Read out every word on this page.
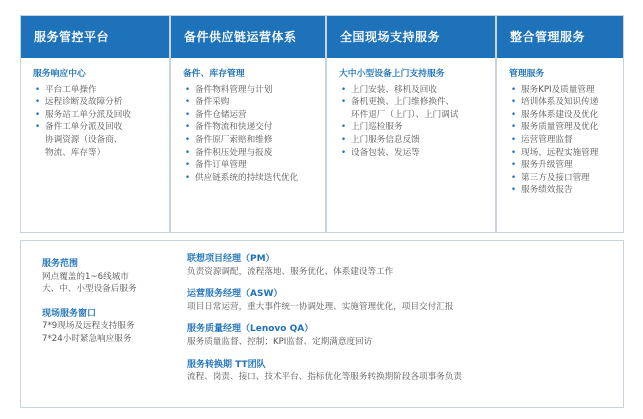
服务管控平台
服务响应中心
• 平台工单操作
• 远程诊断及故障分析
• 服务站工单分派及回收
• 备件工单分派及回收
协调资源（设备商、
物流、库存等）
备件供应链运营体系
备件、库存管理
• 备件物料管理与计划
• 备件采购
• 备件仓储运营
• 备件物流和快递交付
• 备件原厂索赔和维修
• 备件积压处理与报废
• 备件订单管理
• 供应链系统的持续迭代优化
全国现场支持服务
大中小型设备上门支持服务
• 上门安装、移机及回收
• 备机更换、上门维修换件、
环件退厂（上门）、上门调试
• 上门巡检服务
• 上门服务信息反馈
• 设备包装、发运等
整合管理服务
管理服务
• 服务KPI及质量管理
• 培训体系及知识传递
• 服务体系建设及优化
• 服务质量管理及优化
• 运营管理监督
• 现场、远程实施管理
• 服务升级管理
• 第三方及接口管理
• 服务绩效报告
服务范围
网点覆盖的1~6线城市
大、中、小型设备后服务
现场服务窗口
7*9现场及远程支持服务
7*24小时紧急响应服务
联想项目经理（PM）
负责资源调配，流程落地、服务优化、体系建设等工作
运营服务经理（ASW）
项目日常运营，重大事件统一协调处理、实施管理优化，项目交付汇报
服务质量经理（Lenovo QA）
服务质量监督、控制；KPI监督、定期满意度回访
服务转换期 TT团队
流程、岗责、接口、技术平台、指标优化等服务转换期阶段各项事务负责
